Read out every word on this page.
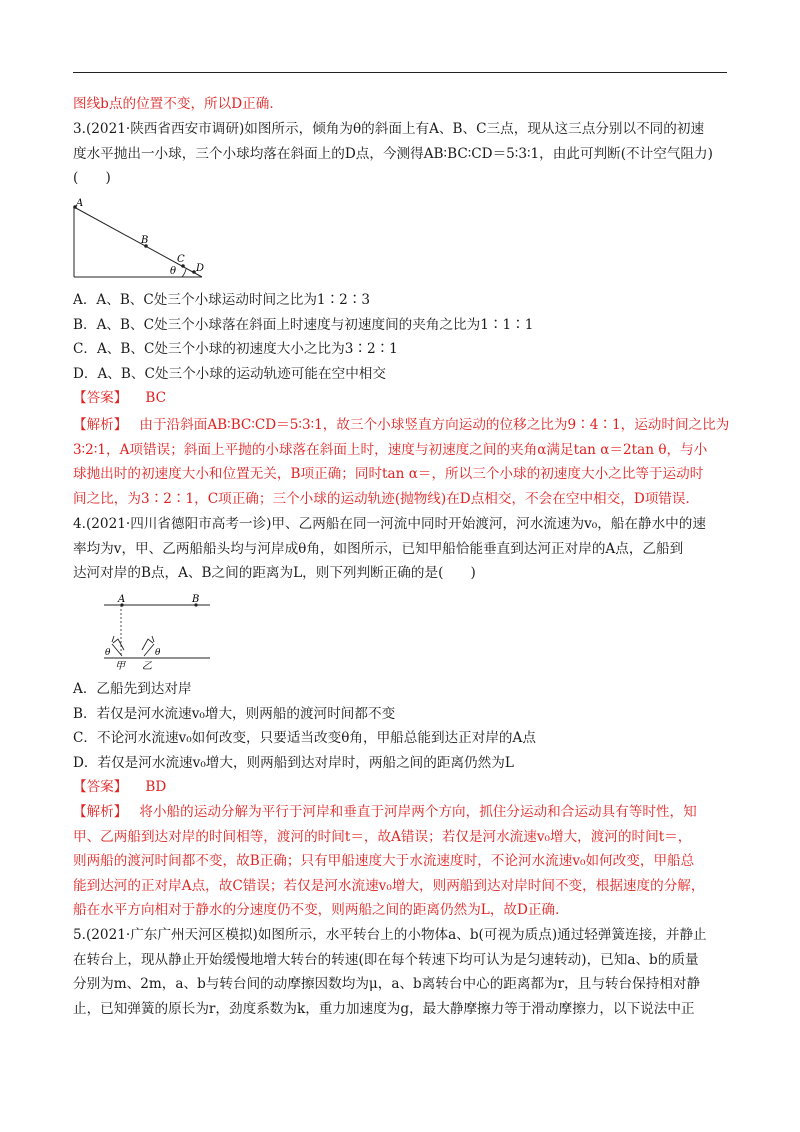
图线b点的位置不变，所以D正确．
3.(2021·陕西省西安市调研)如图所示，倾角为θ的斜面上有A、B、C三点，现从这三点分别以不同的初速
度水平抛出一小球，三个小球均落在斜面上的D点，今测得AB∶BC∶CD＝5∶3∶1，由此可判断(不计空气阻力)
(　　)
A
B
C
D
θ
A．A、B、C处三个小球运动时间之比为1∶2∶3
B．A、B、C处三个小球落在斜面上时速度与初速度间的夹角之比为1∶1∶1
C．A、B、C处三个小球的初速度大小之比为3∶2∶1
D．A、B、C处三个小球的运动轨迹可能在空中相交
【答案】 BC
【解析】 由于沿斜面AB∶BC∶CD＝5∶3∶1，故三个小球竖直方向运动的位移之比为9∶4∶1，运动时间之比为
3∶2∶1，A项错误；斜面上平抛的小球落在斜面上时，速度与初速度之间的夹角α满足tan α＝2tan θ，与小
球抛出时的初速度大小和位置无关，B项正确；同时tan α＝，所以三个小球的初速度大小之比等于运动时
间之比，为3∶2∶1，C项正确；三个小球的运动轨迹(抛物线)在D点相交，不会在空中相交，D项错误．
4.(2021·四川省德阳市高考一诊)甲、乙两船在同一河流中同时开始渡河，河水流速为v₀，船在静水中的速
率均为v，甲、乙两船船头均与河岸成θ角，如图所示，已知甲船恰能垂直到达河正对岸的A点，乙船到
达河对岸的B点，A、B之间的距离为L，则下列判断正确的是(　　)
A	B
θ	θ
甲 乙
A．乙船先到达对岸
B．若仅是河水流速v₀增大，则两船的渡河时间都不变
C．不论河水流速v₀如何改变，只要适当改变θ角，甲船总能到达正对岸的A点
D．若仅是河水流速v₀增大，则两船到达对岸时，两船之间的距离仍然为L
【答案】 BD
【解析】 将小船的运动分解为平行于河岸和垂直于河岸两个方向，抓住分运动和合运动具有等时性，知
甲、乙两船到达对岸的时间相等，渡河的时间t＝，故A错误；若仅是河水流速v₀增大，渡河的时间t＝，
则两船的渡河时间都不变，故B正确；只有甲船速度大于水流速度时，不论河水流速v₀如何改变，甲船总
能到达河的正对岸A点，故C错误；若仅是河水流速v₀增大，则两船到达对岸时间不变，根据速度的分解，
船在水平方向相对于静水的分速度仍不变，则两船之间的距离仍然为L，故D正确．
5.(2021·广东广州天河区模拟)如图所示，水平转台上的小物体a、b(可视为质点)通过轻弹簧连接，并静止
在转台上，现从静止开始缓慢地增大转台的转速(即在每个转速下均可认为是匀速转动)，已知a、b的质量
分别为m、2m，a、b与转台间的动摩擦因数均为μ，a、b离转台中心的距离都为r，且与转台保持相对静
止，已知弹簧的原长为r，劲度系数为k，重力加速度为g，最大静摩擦力等于滑动摩擦力，以下说法中正
